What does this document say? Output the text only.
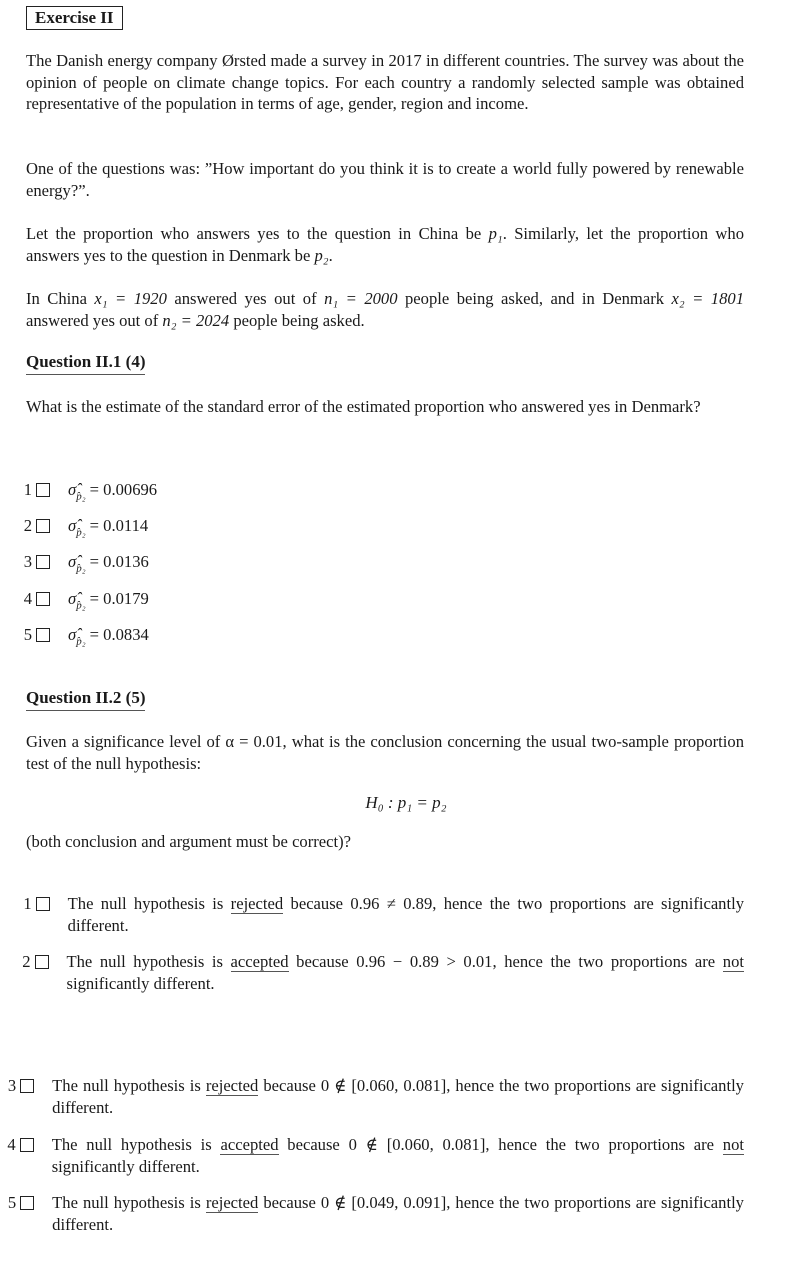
Exercise II

The Danish energy company Ørsted made a survey in 2017 in different countries. The survey was about the opinion of people on climate change topics. For each country a randomly selected sample was obtained representative of the population in terms of age, gender, region and income.

One of the questions was: ”How important do you think it is to create a world fully powered by renewable energy?”.

Let the proportion who answers yes to the question in China be p₁. Similarly, let the proportion who answers yes to the question in Denmark be p₂.

In China x₁ = 1920 answered yes out of n₁ = 2000 people being asked, and in Denmark x₂ = 1801 answered yes out of n₂ = 2024 people being asked.

Question II.1 (4)

What is the estimate of the standard error of the estimated proportion who answered yes in Denmark?

1 $\sigmâ_{p̂_2} = 0.00696$
2 $\sigmâ_{p̂_2} = 0.0114$
3 $\sigmâ_{p̂_2} = 0.0136$
4 $\sigmâ_{p̂_2} = 0.0179$
5 $\sigmâ_{p̂_2} = 0.0834$
Question II.2 (5)

Given a significance level of α = 0.01, what is the conclusion concerning the usual two-sample proportion test of the null hypothesis:

H₀ : p₁ = p₂

(both conclusion and argument must be correct)?

1 The null hypothesis is rejected because 0.96 ≠ 0.89, hence the two proportions are significantly different.
2 The null hypothesis is accepted because 0.96 − 0.89 > 0.01, hence the two proportions are not significantly different.
3 The null hypothesis is rejected because 0 ∉ [0.060, 0.081], hence the two proportions are significantly different.
4 The null hypothesis is accepted because 0 ∉ [0.060, 0.081], hence the two proportions are not significantly different.
5 The null hypothesis is rejected because 0 ∉ [0.049, 0.091], hence the two proportions are significantly different.
